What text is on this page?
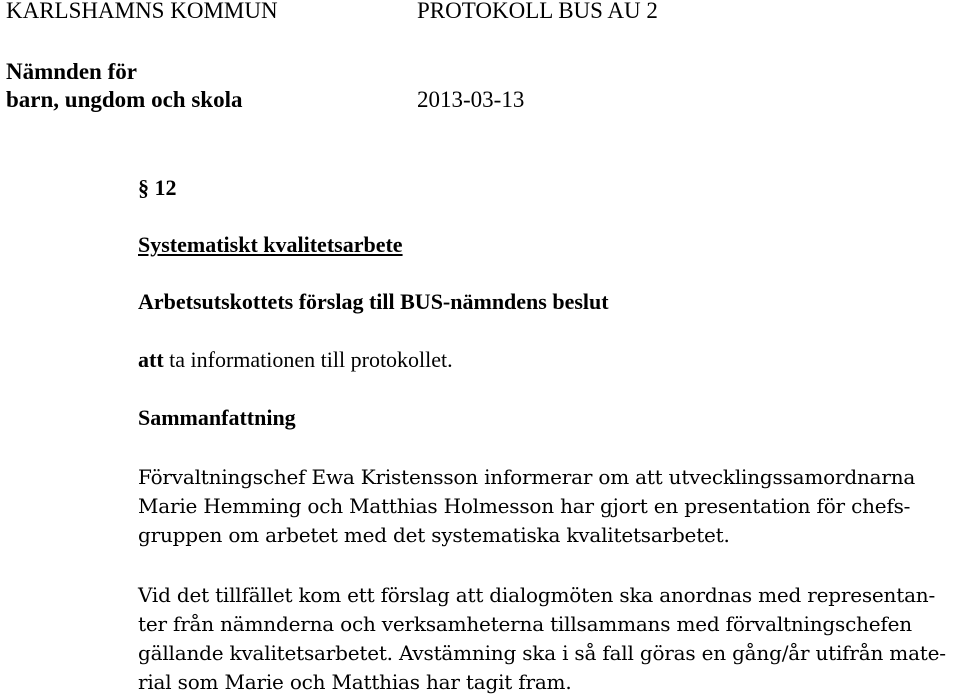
KARLSHAMNS KOMMUN	PROTOKOLL BUS AU 2
Nämnden för
barn, ungdom och skola	2013-03-13
§ 12
Systematiskt kvalitetsarbete
Arbetsutskottets förslag till BUS-nämndens beslut
att ta informationen till protokollet.
Sammanfattning
Förvaltningschef Ewa Kristensson informerar om att utvecklingssamordnarna
Marie Hemming och Matthias Holmesson har gjort en presentation för chefs-
gruppen om arbetet med det systematiska kvalitetsarbetet.
Vid det tillfället kom ett förslag att dialogmöten ska anordnas med representan-
ter från nämnderna och verksamheterna tillsammans med förvaltningschefen
gällande kvalitetsarbetet. Avstämning ska i så fall göras en gång/år utifrån mate-
rial som Marie och Matthias har tagit fram.
